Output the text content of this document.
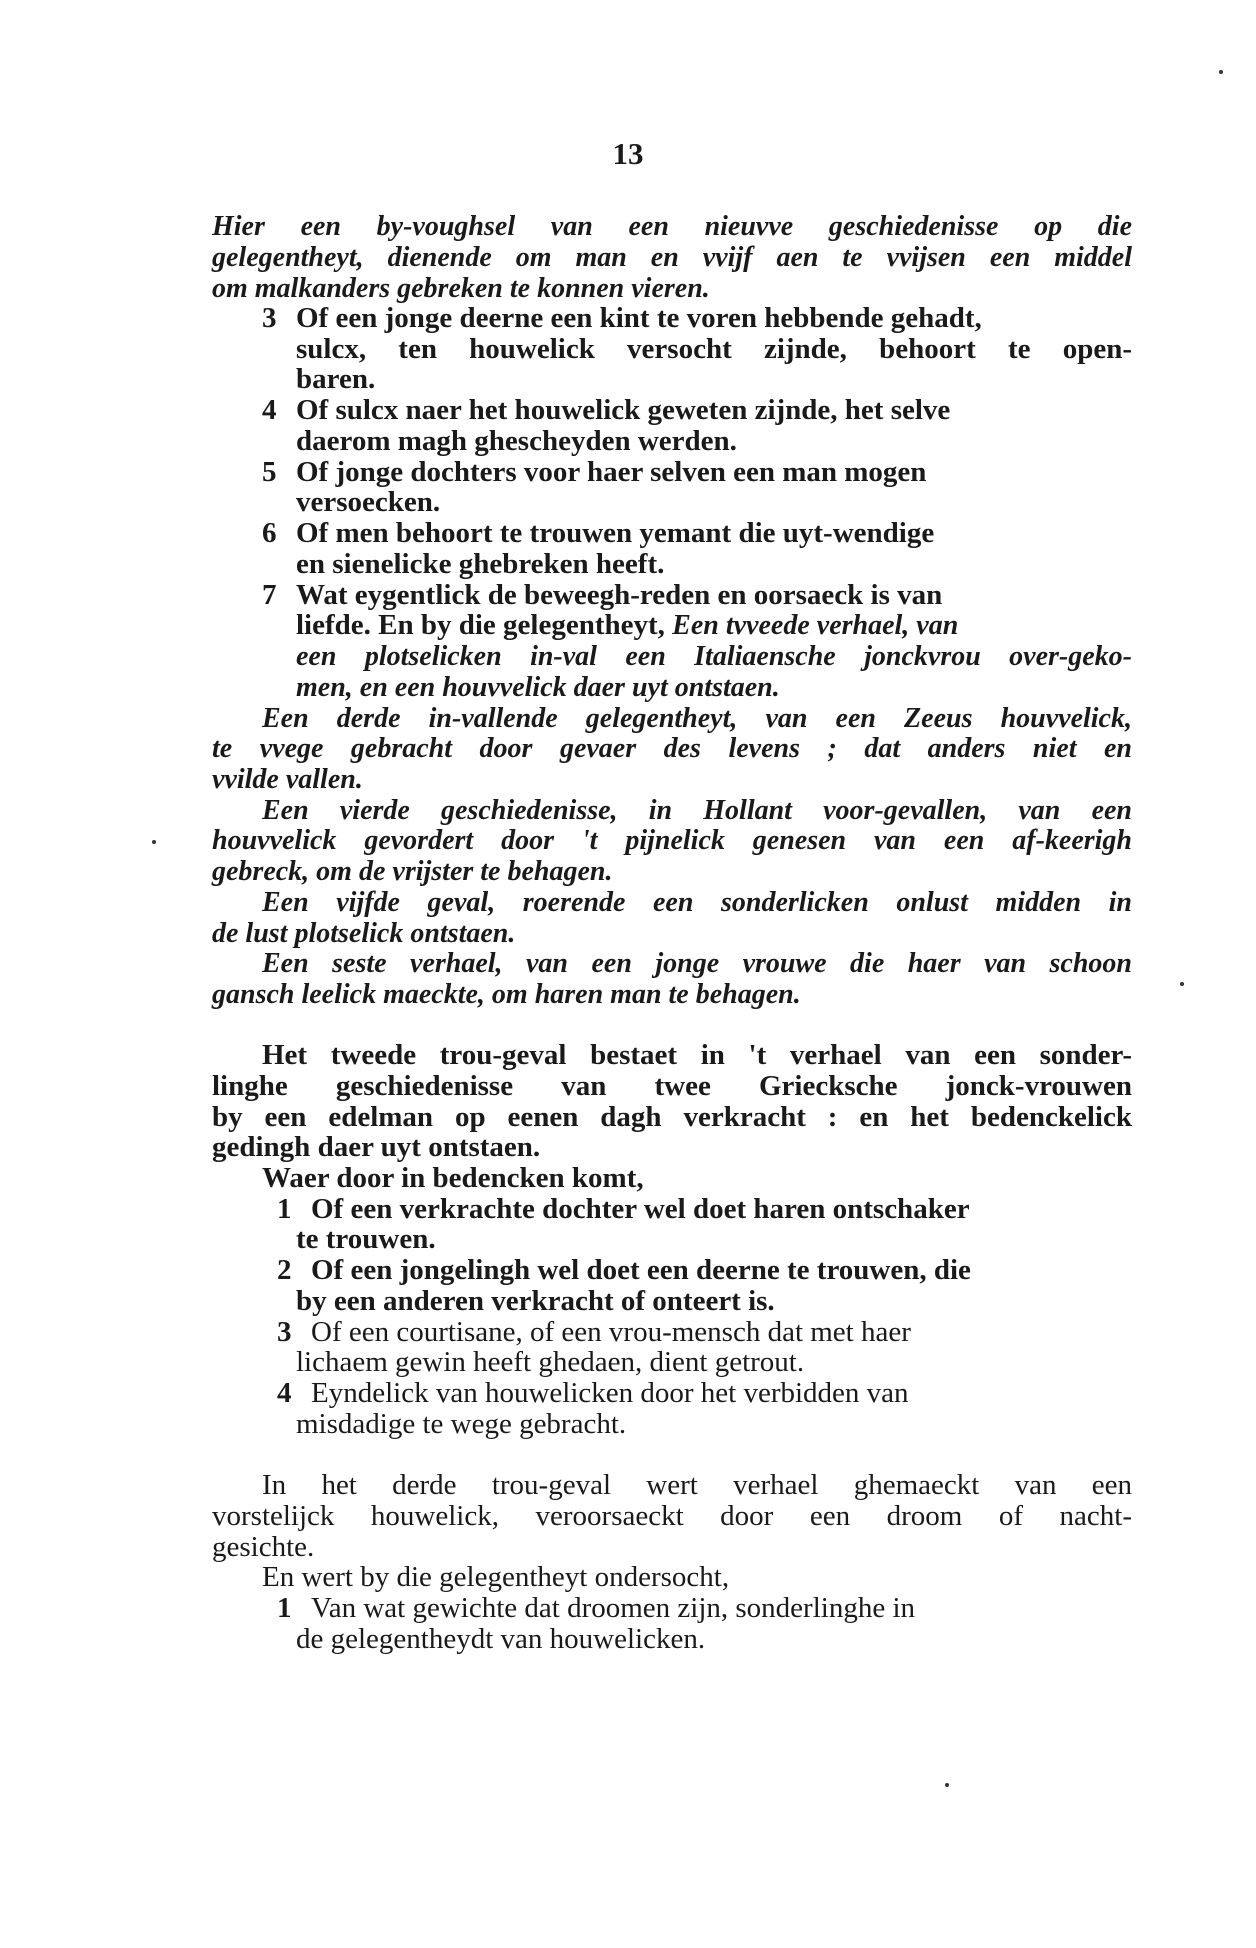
13
Hier een by-voughsel van een nieuvve geschiedenisse op die
gelegentheyt, dienende om man en vvijf aen te vvijsen een middel
om malkanders gebreken te konnen vieren.
3 Of een jonge deerne een kint te voren hebbende gehadt,
sulcx, ten houwelick versocht zijnde, behoort te open-
baren.
4 Of sulcx naer het houwelick geweten zijnde, het selve
daerom magh ghescheyden werden.
5 Of jonge dochters voor haer selven een man mogen
versoecken.
6 Of men behoort te trouwen yemant die uyt-wendige
en sienelicke ghebreken heeft.
7 Wat eygentlick de beweegh-reden en oorsaeck is van
liefde. En by die gelegentheyt, Een tvveede verhael, van
een plotselicken in-val een Italiaensche jonckvrou over-geko-
men, en een houvvelick daer uyt ontstaen.
Een derde in-vallende gelegentheyt, van een Zeeus houvvelick,
te vvege gebracht door gevaer des levens ; dat anders niet en
vvilde vallen.
Een vierde geschiedenisse, in Hollant voor-gevallen, van een
houvvelick gevordert door 't pijnelick genesen van een af-keerigh
gebreck, om de vrijster te behagen.
Een vijfde geval, roerende een sonderlicken onlust midden in
de lust plotselick ontstaen.
Een seste verhael, van een jonge vrouwe die haer van schoon
gansch leelick maeckte, om haren man te behagen.
Het tweede trou-geval bestaet in 't verhael van een sonder-
linghe geschiedenisse van twee Griecksche jonck-vrouwen
by een edelman op eenen dagh verkracht : en het bedenckelick
gedingh daer uyt ontstaen.
Waer door in bedencken komt,
1 Of een verkrachte dochter wel doet haren ontschaker
te trouwen.
2 Of een jongelingh wel doet een deerne te trouwen, die
by een anderen verkracht of onteert is.
3 Of een courtisane, of een vrou-mensch dat met haer
lichaem gewin heeft ghedaen, dient getrout.
4 Eyndelick van houwelicken door het verbidden van
misdadige te wege gebracht.
In het derde trou-geval wert verhael ghemaeckt van een
vorstelijck houwelick, veroorsaeckt door een droom of nacht-
gesichte.
En wert by die gelegentheyt ondersocht,
1 Van wat gewichte dat droomen zijn, sonderlinghe in
de gelegentheydt van houwelicken.
